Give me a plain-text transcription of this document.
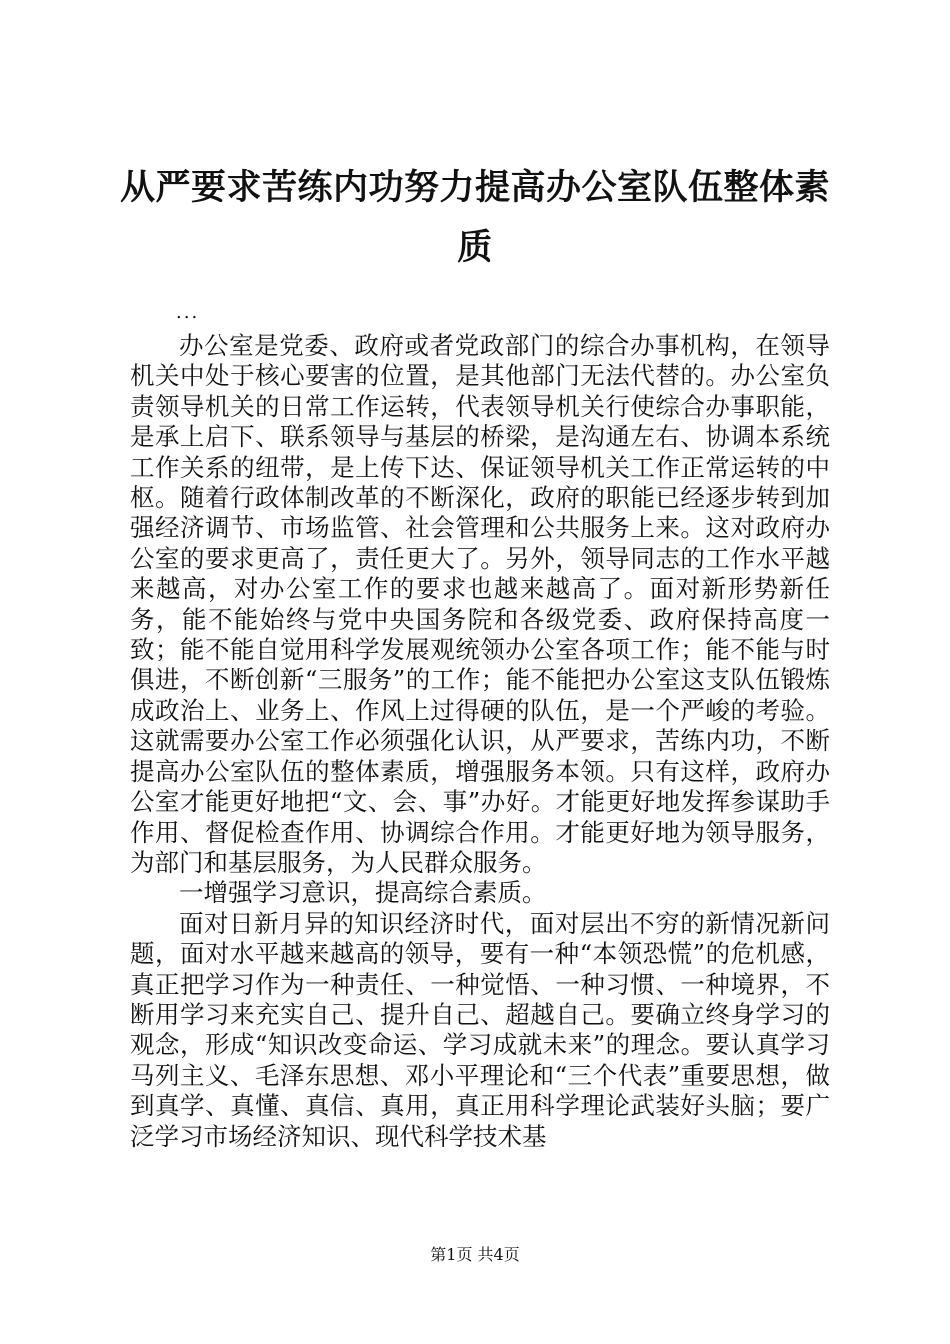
从严要求苦练内功努力提高办公室队伍整体素质
...

办公室是党委、政府或者党政部门的综合办事机构，在领导机关中处于核心要害的位置，是其他部门无法代替的。办公室负责领导机关的日常工作运转，代表领导机关行使综合办事职能，是承上启下、联系领导与基层的桥梁，是沟通左右、协调本系统工作关系的纽带，是上传下达、保证领导机关工作正常运转的中枢。随着行政体制改革的不断深化，政府的职能已经逐步转到加强经济调节、市场监管、社会管理和公共服务上来。这对政府办公室的要求更高了，责任更大了。另外，领导同志的工作水平越来越高，对办公室工作的要求也越来越高了。面对新形势新任务，能不能始终与党中央国务院和各级党委、政府保持高度一致；能不能自觉用科学发展观统领办公室各项工作；能不能与时俱进，不断创新“三服务”的工作；能不能把办公室这支队伍锻炼成政治上、业务上、作风上过得硬的队伍，是一个严峻的考验。这就需要办公室工作必须强化认识，从严要求，苦练内功，不断提高办公室队伍的整体素质，增强服务本领。只有这样，政府办公室才能更好地把“文、会、事”办好。才能更好地发挥参谋助手作用、督促检查作用、协调综合作用。才能更好地为领导服务，为部门和基层服务，为人民群众服务。

一增强学习意识，提高综合素质。

面对日新月异的知识经济时代，面对层出不穷的新情况新问题，面对水平越来越高的领导，要有一种“本领恐慌”的危机感，真正把学习作为一种责任、一种觉悟、一种习惯、一种境界，不断用学习来充实自己、提升自己、超越自己。要确立终身学习的观念，形成“知识改变命运、学习成就未来”的理念。要认真学习马列主义、毛泽东思想、邓小平理论和“三个代表”重要思想，做到真学、真懂、真信、真用，真正用科学理论武装好头脑；要广泛学习市场经济知识、现代科学技术基

第1页 共4页
